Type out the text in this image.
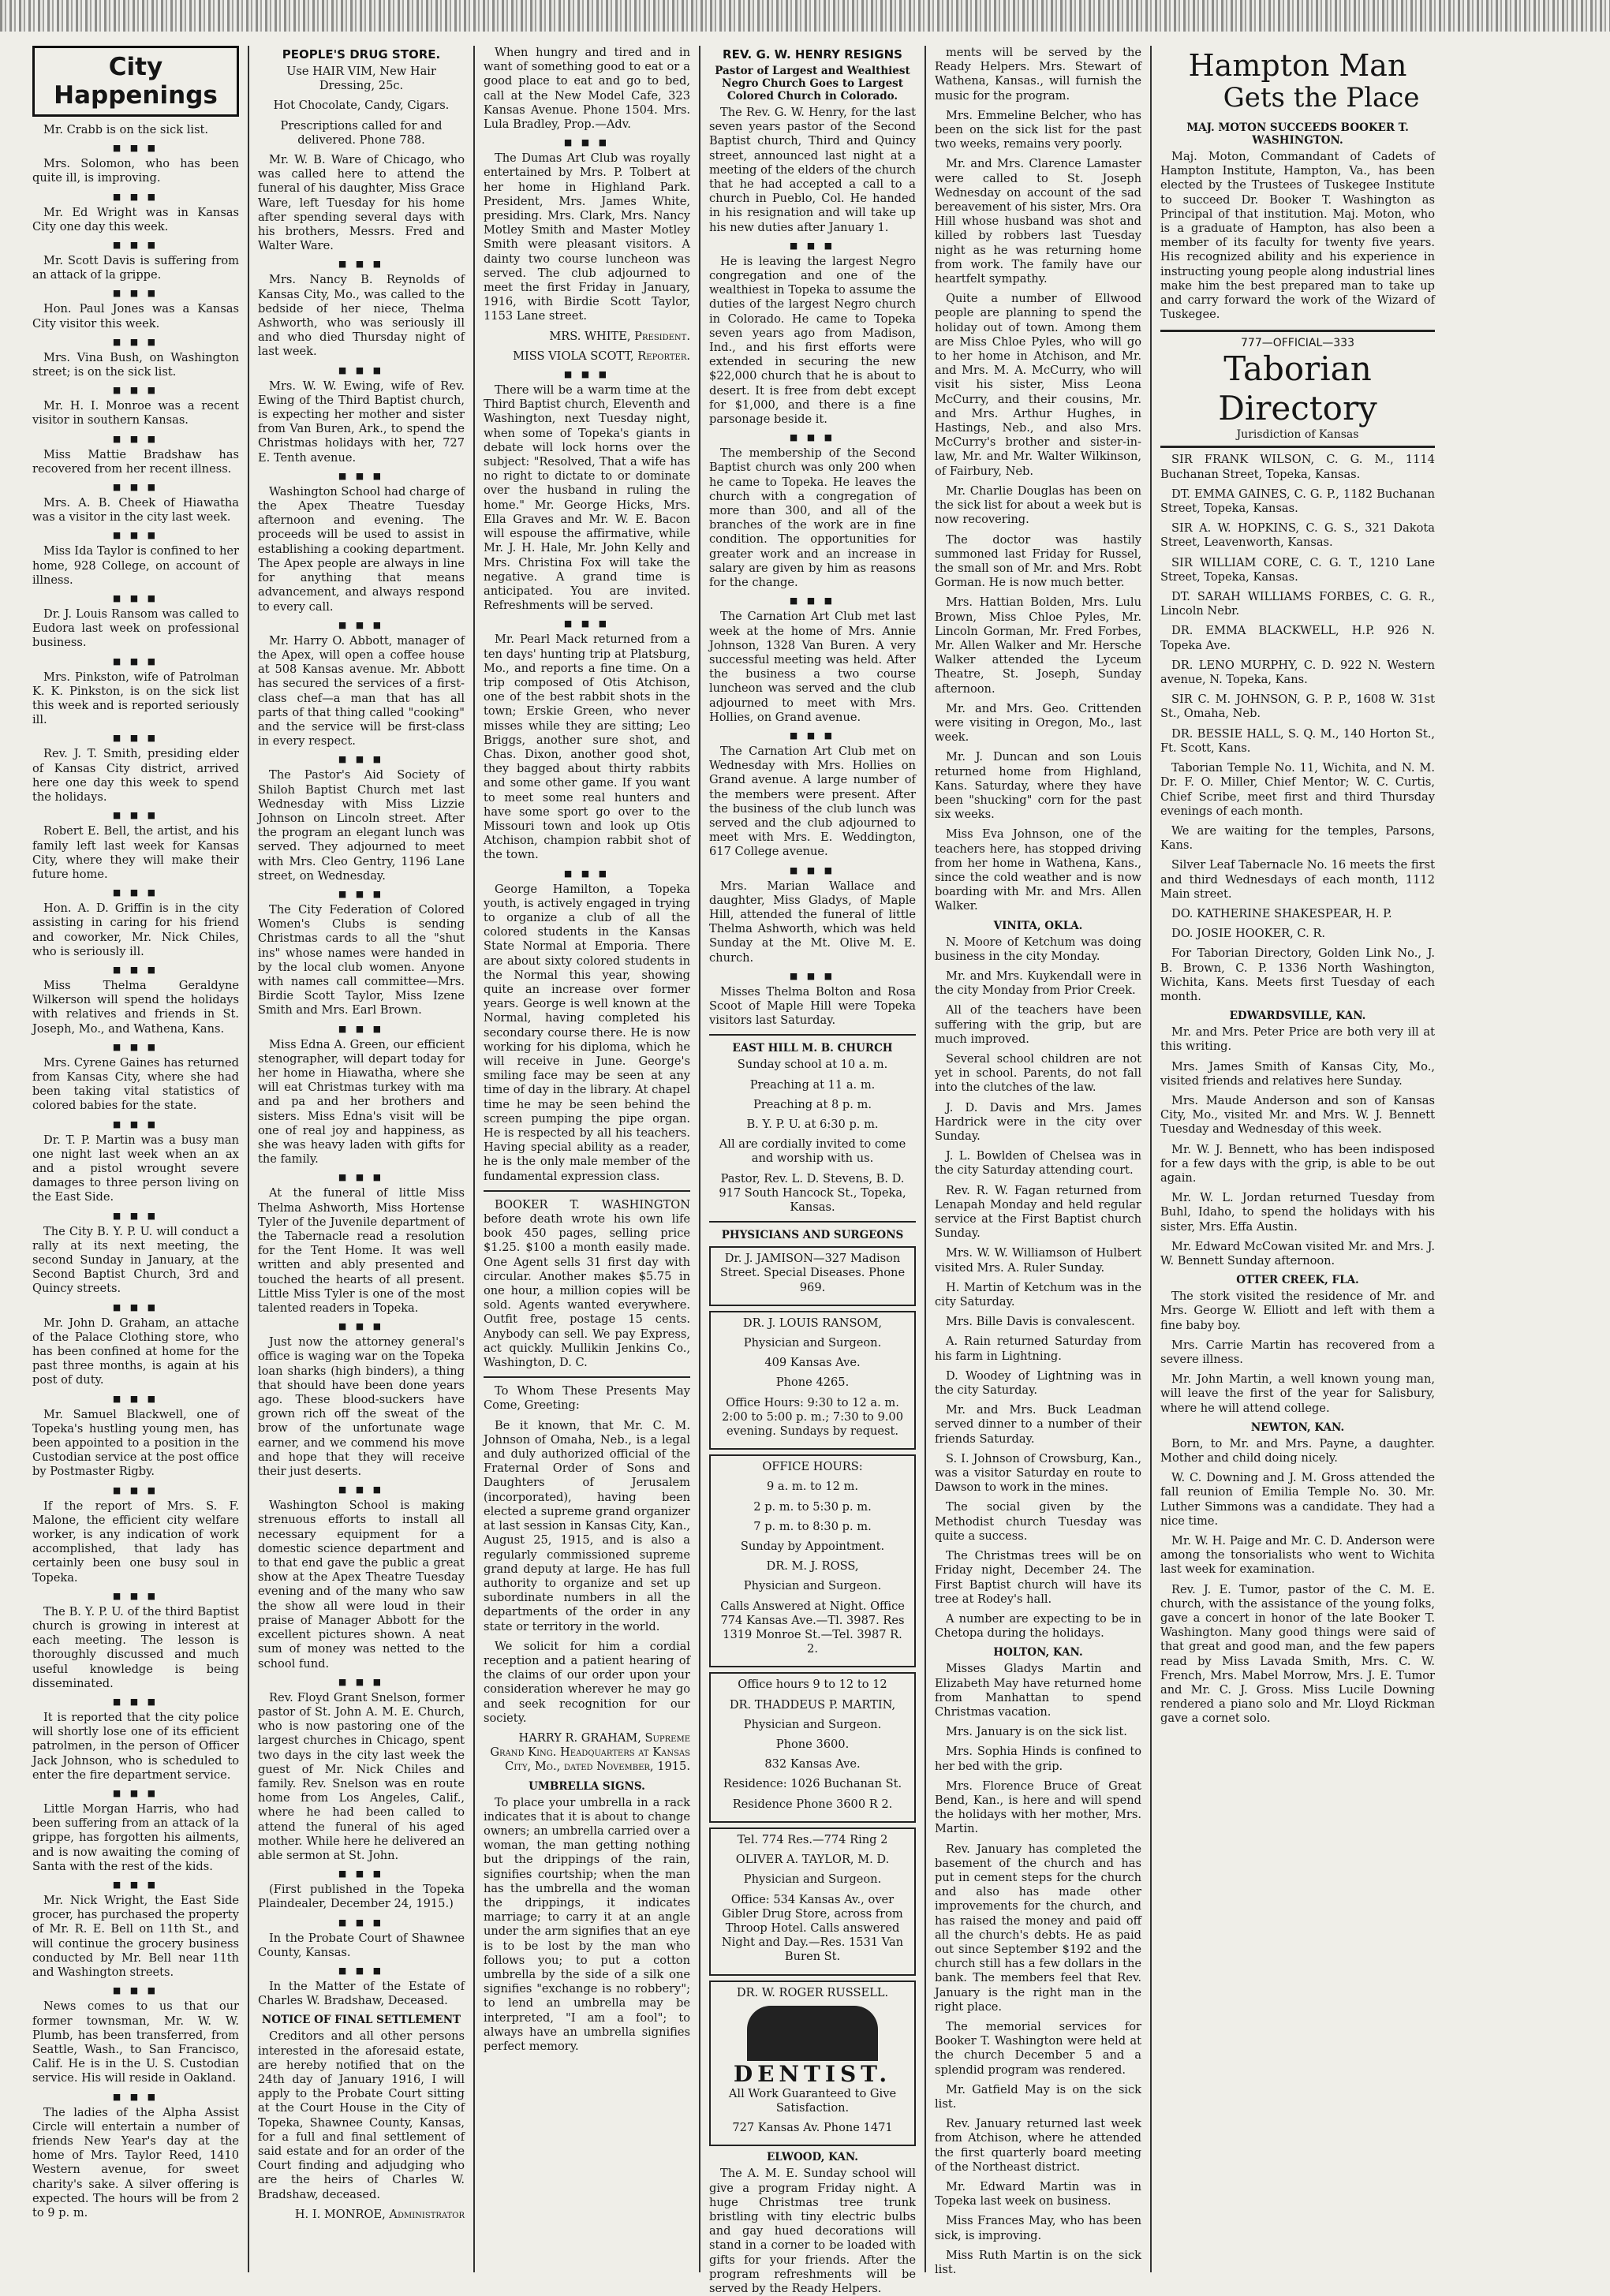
City Happenings

Mr. Crabb is on the sick list.

■ ■ ■

Mrs. Solomon, who has been quite ill, is improving.

■ ■ ■

Mr. Ed Wright was in Kansas City one day this week.

■ ■ ■

Mr. Scott Davis is suffering from an attack of la grippe.

■ ■ ■

Hon. Paul Jones was a Kansas City visitor this week.

■ ■ ■

Mrs. Vina Bush, on Washington street; is on the sick list.

■ ■ ■

Mr. H. I. Monroe was a recent visitor in southern Kansas.

■ ■ ■

Miss Mattie Bradshaw has recovered from her recent illness.

■ ■ ■

Mrs. A. B. Cheek of Hiawatha was a visitor in the city last week.

■ ■ ■

Miss Ida Taylor is confined to her home, 928 College, on account of illness.

■ ■ ■

Dr. J. Louis Ransom was called to Eudora last week on professional business.

■ ■ ■

Mrs. Pinkston, wife of Patrolman K. K. Pinkston, is on the sick list this week and is reported seriously ill.

■ ■ ■

Rev. J. T. Smith, presiding elder of Kansas City district, arrived here one day this week to spend the holidays.

■ ■ ■

Robert E. Bell, the artist, and his family left last week for Kansas City, where they will make their future home.

■ ■ ■

Hon. A. D. Griffin is in the city assisting in caring for his friend and coworker, Mr. Nick Chiles, who is seriously ill.

■ ■ ■

Miss Thelma Geraldyne Wilkerson will spend the holidays with relatives and friends in St. Joseph, Mo., and Wathena, Kans.

■ ■ ■

Mrs. Cyrene Gaines has returned from Kansas City, where she had been taking vital statistics of colored babies for the state.

■ ■ ■

Dr. T. P. Martin was a busy man one night last week when an ax and a pistol wrought severe damages to three person living on the East Side.

■ ■ ■

The City B. Y. P. U. will conduct a rally at its next meeting, the second Sunday in January, at the Second Baptist Church, 3rd and Quincy streets.

■ ■ ■

Mr. John D. Graham, an attache of the Palace Clothing store, who has been confined at home for the past three months, is again at his post of duty.

■ ■ ■

Mr. Samuel Blackwell, one of Topeka's hustling young men, has been appointed to a position in the Custodian service at the post office by Postmaster Rigby.

■ ■ ■

If the report of Mrs. S. F. Malone, the efficient city welfare worker, is any indication of work accomplished, that lady has certainly been one busy soul in Topeka.

■ ■ ■

The B. Y. P. U. of the third Baptist church is growing in interest at each meeting. The lesson is thoroughly discussed and much useful knowledge is being disseminated.

■ ■ ■

It is reported that the city police will shortly lose one of its efficient patrolmen, in the person of Officer Jack Johnson, who is scheduled to enter the fire department service.

■ ■ ■

Little Morgan Harris, who had been suffering from an attack of la grippe, has forgotten his ailments, and is now awaiting the coming of Santa with the rest of the kids.

■ ■ ■

Mr. Nick Wright, the East Side grocer, has purchased the property of Mr. R. E. Bell on 11th St., and will continue the grocery business conducted by Mr. Bell near 11th and Washington streets.

■ ■ ■

News comes to us that our former townsman, Mr. W. W. Plumb, has been transferred, from Seattle, Wash., to San Francisco, Calif. He is in the U. S. Custodian service. His will reside in Oakland.

■ ■ ■

The ladies of the Alpha Assist Circle will entertain a number of friends New Year's day at the home of Mrs. Taylor Reed, 1410 Western avenue, for sweet charity's sake. A silver offering is expected. The hours will be from 2 to 9 p. m.

PEOPLE'S DRUG STORE.

Use HAIR VIM, New Hair Dressing, 25c.

Hot Chocolate, Candy, Cigars.

Prescriptions called for and delivered. Phone 788.

Mr. W. B. Ware of Chicago, who was called here to attend the funeral of his daughter, Miss Grace Ware, left Tuesday for his home after spending several days with his brothers, Messrs. Fred and Walter Ware.

■ ■ ■

Mrs. Nancy B. Reynolds of Kansas City, Mo., was called to the bedside of her niece, Thelma Ashworth, who was seriously ill and who died Thursday night of last week.

■ ■ ■

Mrs. W. W. Ewing, wife of Rev. Ewing of the Third Baptist church, is expecting her mother and sister from Van Buren, Ark., to spend the Christmas holidays with her, 727 E. Tenth avenue.

■ ■ ■

Washington School had charge of the Apex Theatre Tuesday afternoon and evening. The proceeds will be used to assist in establishing a cooking department. The Apex people are always in line for anything that means advancement, and always respond to every call.

■ ■ ■

Mr. Harry O. Abbott, manager of the Apex, will open a coffee house at 508 Kansas avenue. Mr. Abbott has secured the services of a first-class chef—a man that has all parts of that thing called "cooking" and the service will be first-class in every respect.

■ ■ ■

The Pastor's Aid Society of Shiloh Baptist Church met last Wednesday with Miss Lizzie Johnson on Lincoln street. After the program an elegant lunch was served. They adjourned to meet with Mrs. Cleo Gentry, 1196 Lane street, on Wednesday.

■ ■ ■

The City Federation of Colored Women's Clubs is sending Christmas cards to all the "shut ins" whose names were handed in by the local club women. Anyone with names call committee—Mrs. Birdie Scott Taylor, Miss Izene Smith and Mrs. Earl Brown.

■ ■ ■

Miss Edna A. Green, our efficient stenographer, will depart today for her home in Hiawatha, where she will eat Christmas turkey with ma and pa and her brothers and sisters. Miss Edna's visit will be one of real joy and happiness, as she was heavy laden with gifts for the family.

■ ■ ■

At the funeral of little Miss Thelma Ashworth, Miss Hortense Tyler of the Juvenile department of the Tabernacle read a resolution for the Tent Home. It was well written and ably presented and touched the hearts of all present. Little Miss Tyler is one of the most talented readers in Topeka.

■ ■ ■

Just now the attorney general's office is waging war on the Topeka loan sharks (high binders), a thing that should have been done years ago. These blood-suckers have grown rich off the sweat of the brow of the unfortunate wage earner, and we commend his move and hope that they will receive their just deserts.

■ ■ ■

Washington School is making strenuous efforts to install all necessary equipment for a domestic science department and to that end gave the public a great show at the Apex Theatre Tuesday evening and of the many who saw the show all were loud in their praise of Manager Abbott for the excellent pictures shown. A neat sum of money was netted to the school fund.

■ ■ ■

Rev. Floyd Grant Snelson, former pastor of St. John A. M. E. Church, who is now pastoring one of the largest churches in Chicago, spent two days in the city last week the guest of Mr. Nick Chiles and family. Rev. Snelson was en route home from Los Angeles, Calif., where he had been called to attend the funeral of his aged mother. While here he delivered an able sermon at St. John.

■ ■ ■

(First published in the Topeka Plaindealer, December 24, 1915.)

■ ■ ■

In the Probate Court of Shawnee County, Kansas.

■ ■ ■

In the Matter of the Estate of Charles W. Bradshaw, Deceased.

NOTICE OF FINAL SETTLEMENT

Creditors and all other persons interested in the aforesaid estate, are hereby notified that on the 24th day of January 1916, I will apply to the Probate Court sitting at the Court House in the City of Topeka, Shawnee County, Kansas, for a full and final settlement of said estate and for an order of the Court finding and adjudging who are the heirs of Charles W. Bradshaw, deceased.

H. I. MONROE, Administrator

When hungry and tired and in want of something good to eat or a good place to eat and go to bed, call at the New Model Cafe, 323 Kansas Avenue. Phone 1504. Mrs. Lula Bradley, Prop.—Adv.

■ ■ ■

The Dumas Art Club was royally entertained by Mrs. P. Tolbert at her home in Highland Park. President, Mrs. James White, presiding. Mrs. Clark, Mrs. Nancy Motley Smith and Master Motley Smith were pleasant visitors. A dainty two course luncheon was served. The club adjourned to meet the first Friday in January, 1916, with Birdie Scott Taylor, 1153 Lane street.

MRS. WHITE, President.

MISS VIOLA SCOTT, Reporter.

■ ■ ■

There will be a warm time at the Third Baptist church, Eleventh and Washington, next Tuesday night, when some of Topeka's giants in debate will lock horns over the subject: "Resolved, That a wife has no right to dictate to or dominate over the husband in ruling the home." Mr. George Hicks, Mrs. Ella Graves and Mr. W. E. Bacon will espouse the affirmative, while Mr. J. H. Hale, Mr. John Kelly and Mrs. Christina Fox will take the negative. A grand time is anticipated. You are invited. Refreshments will be served.

■ ■ ■

Mr. Pearl Mack returned from a ten days' hunting trip at Platsburg, Mo., and reports a fine time. On a trip composed of Otis Atchison, one of the best rabbit shots in the town; Erskie Green, who never misses while they are sitting; Leo Briggs, another sure shot, and Chas. Dixon, another good shot, they bagged about thirty rabbits and some other game. If you want to meet some real hunters and have some sport go over to the Missouri town and look up Otis Atchison, champion rabbit shot of the town.

■ ■ ■

George Hamilton, a Topeka youth, is actively engaged in trying to organize a club of all the colored students in the Kansas State Normal at Emporia. There are about sixty colored students in the Normal this year, showing quite an increase over former years. George is well known at the Normal, having completed his secondary course there. He is now working for his diploma, which he will receive in June. George's smiling face may be seen at any time of day in the library. At chapel time he may be seen behind the screen pumping the pipe organ. He is respected by all his teachers. Having special ability as a reader, he is the only male member of the fundamental expression class.

BOOKER T. WASHINGTON before death wrote his own life book 450 pages, selling price $1.25. $100 a month easily made. One Agent sells 31 first day with circular. Another makes $5.75 in one hour, a million copies will be sold. Agents wanted everywhere. Outfit free, postage 15 cents. Anybody can sell. We pay Express, act quickly. Mullikin Jenkins Co., Washington, D. C.

To Whom These Presents May Come, Greeting:

Be it known, that Mr. C. M. Johnson of Omaha, Neb., is a legal and duly authorized official of the Fraternal Order of Sons and Daughters of Jerusalem (incorporated), having been elected a supreme grand organizer at last session in Kansas City, Kan., August 25, 1915, and is also a regularly commissioned supreme grand deputy at large. He has full authority to organize and set up subordinate numbers in all the departments of the order in any state or territory in the world.

We solicit for him a cordial reception and a patient hearing of the claims of our order upon your consideration wherever he may go and seek recognition for our society.

HARRY R. GRAHAM, Supreme Grand King. Headquarters at Kansas City, Mo., dated November, 1915.

UMBRELLA SIGNS.

To place your umbrella in a rack indicates that it is about to change owners; an umbrella carried over a woman, the man getting nothing but the drippings of the rain, signifies courtship; when the man has the umbrella and the woman the drippings, it indicates marriage; to carry it at an angle under the arm signifies that an eye is to be lost by the man who follows you; to put a cotton umbrella by the side of a silk one signifies "exchange is no robbery"; to lend an umbrella may be interpreted, "I am a fool"; to always have an umbrella signifies perfect memory.

REV. G. W. HENRY RESIGNS
Pastor of Largest and Wealthiest Negro Church Goes to Largest Colored Church in Colorado.

The Rev. G. W. Henry, for the last seven years pastor of the Second Baptist church, Third and Quincy street, announced last night at a meeting of the elders of the church that he had accepted a call to a church in Pueblo, Col. He handed in his resignation and will take up his new duties after January 1.

■ ■ ■

He is leaving the largest Negro congregation and one of the wealthiest in Topeka to assume the duties of the largest Negro church in Colorado. He came to Topeka seven years ago from Madison, Ind., and his first efforts were extended in securing the new $22,000 church that he is about to desert. It is free from debt except for $1,000, and there is a fine parsonage beside it.

■ ■ ■

The membership of the Second Baptist church was only 200 when he came to Topeka. He leaves the church with a congregation of more than 300, and all of the branches of the work are in fine condition. The opportunities for greater work and an increase in salary are given by him as reasons for the change.

■ ■ ■

The Carnation Art Club met last week at the home of Mrs. Annie Johnson, 1328 Van Buren. A very successful meeting was held. After the business a two course luncheon was served and the club adjourned to meet with Mrs. Hollies, on Grand avenue.

■ ■ ■

The Carnation Art Club met on Wednesday with Mrs. Hollies on Grand avenue. A large number of the members were present. After the business of the club lunch was served and the club adjourned to meet with Mrs. E. Weddington, 617 College avenue.

■ ■ ■

Mrs. Marian Wallace and daughter, Miss Gladys, of Maple Hill, attended the funeral of little Thelma Ashworth, which was held Sunday at the Mt. Olive M. E. church.

■ ■ ■

Misses Thelma Bolton and Rosa Scoot of Maple Hill were Topeka visitors last Saturday.

EAST HILL M. B. CHURCH

Sunday school at 10 a. m.

Preaching at 11 a. m.

Preaching at 8 p. m.

B. Y. P. U. at 6:30 p. m.

All are cordially invited to come and worship with us.

Pastor, Rev. L. D. Stevens, B. D. 917 South Hancock St., Topeka, Kansas.

PHYSICIANS AND SURGEONS

Dr. J. JAMISON—327 Madison Street. Special Diseases. Phone 969.

DR. J. LOUIS RANSOM,

Physician and Surgeon.

409 Kansas Ave.

Phone 4265.

Office Hours: 9:30 to 12 a. m. 2:00 to 5:00 p. m.; 7:30 to 9.00 evening. Sundays by request.

OFFICE HOURS:

9 a. m. to 12 m.

2 p. m. to 5:30 p. m.

7 p. m. to 8:30 p. m.

Sunday by Appointment.

DR. M. J. ROSS,

Physician and Surgeon.

Calls Answered at Night. Office 774 Kansas Ave.—Tl. 3987. Res 1319 Monroe St.—Tel. 3987 R. 2.

Office hours 9 to 12 to 12

DR. THADDEUS P. MARTIN,

Physician and Surgeon.

Phone 3600.

832 Kansas Ave.

Residence: 1026 Buchanan St.

Residence Phone 3600 R 2.

Tel. 774 Res.—774 Ring 2

OLIVER A. TAYLOR, M. D.

Physician and Surgeon.

Office: 534 Kansas Av., over Gibler Drug Store, across from Throop Hotel. Calls answered Night and Day.—Res. 1531 Van Buren St.

DR. W. ROGER RUSSELL.

DENTIST.

All Work Guaranteed to Give Satisfaction.

727 Kansas Av. Phone 1471

ELWOOD, KAN.

The A. M. E. Sunday school will give a program Friday night. A huge Christmas tree trunk bristling with tiny electric bulbs and gay hued decorations will stand in a corner to be loaded with gifts for your friends. After the program refreshments will be served by the Ready Helpers.

ments will be served by the Ready Helpers. Mrs. Stewart of Wathena, Kansas., will furnish the music for the program.

Mrs. Emmeline Belcher, who has been on the sick list for the past two weeks, remains very poorly.

Mr. and Mrs. Clarence Lamaster were called to St. Joseph Wednesday on account of the sad bereavement of his sister, Mrs. Ora Hill whose husband was shot and killed by robbers last Tuesday night as he was returning home from work. The family have our heartfelt sympathy.

Quite a number of Ellwood people are planning to spend the holiday out of town. Among them are Miss Chloe Pyles, who will go to her home in Atchison, and Mr. and Mrs. M. A. McCurry, who will visit his sister, Miss Leona McCurry, and their cousins, Mr. and Mrs. Arthur Hughes, in Hastings, Neb., and also Mrs. McCurry's brother and sister-in-law, Mr. and Mr. Walter Wilkinson, of Fairbury, Neb.

Mr. Charlie Douglas has been on the sick list for about a week but is now recovering.

The doctor was hastily summoned last Friday for Russel, the small son of Mr. and Mrs. Robt Gorman. He is now much better.

Mrs. Hattian Bolden, Mrs. Lulu Brown, Miss Chloe Pyles, Mr. Lincoln Gorman, Mr. Fred Forbes, Mr. Allen Walker and Mr. Hersche Walker attended the Lyceum Theatre, St. Joseph, Sunday afternoon.

Mr. and Mrs. Geo. Crittenden were visiting in Oregon, Mo., last week.

Mr. J. Duncan and son Louis returned home from Highland, Kans. Saturday, where they have been "shucking" corn for the past six weeks.

Miss Eva Johnson, one of the teachers here, has stopped driving from her home in Wathena, Kans., since the cold weather and is now boarding with Mr. and Mrs. Allen Walker.

VINITA, OKLA.

N. Moore of Ketchum was doing business in the city Monday.

Mr. and Mrs. Kuykendall were in the city Monday from Prior Creek.

All of the teachers have been suffering with the grip, but are much improved.

Several school children are not yet in school. Parents, do not fall into the clutches of the law.

J. D. Davis and Mrs. James Hardrick were in the city over Sunday.

J. L. Bowlden of Chelsea was in the city Saturday attending court.

Rev. R. W. Fagan returned from Lenapah Monday and held regular service at the First Baptist church Sunday.

Mrs. W. W. Williamson of Hulbert visited Mrs. A. Ruler Sunday.

H. Martin of Ketchum was in the city Saturday.

Mrs. Bille Davis is convalescent.

A. Rain returned Saturday from his farm in Lightning.

D. Woodey of Lightning was in the city Saturday.

Mr. and Mrs. Buck Leadman served dinner to a number of their friends Saturday.

S. I. Johnson of Crowsburg, Kan., was a visitor Saturday en route to Dawson to work in the mines.

The social given by the Methodist church Tuesday was quite a success.

The Christmas trees will be on Friday night, December 24. The First Baptist church will have its tree at Rodey's hall.

A number are expecting to be in Chetopa during the holidays.

HOLTON, KAN.

Misses Gladys Martin and Elizabeth May have returned home from Manhattan to spend Christmas vacation.

Mrs. January is on the sick list.

Mrs. Sophia Hinds is confined to her bed with the grip.

Mrs. Florence Bruce of Great Bend, Kan., is here and will spend the holidays with her mother, Mrs. Martin.

Rev. January has completed the basement of the church and has put in cement steps for the church and also has made other improvements for the church, and has raised the money and paid off all the church's debts. He as paid out since September $192 and the church still has a few dollars in the bank. The members feel that Rev. January is the right man in the right place.

The memorial services for Booker T. Washington were held at the church December 5 and a splendid program was rendered.

Mr. Gatfield May is on the sick list.

Rev. January returned last week from Atchison, where he attended the first quarterly board meeting of the Northeast district.

Mr. Edward Martin was in Topeka last week on business.

Miss Frances May, who has been sick, is improving.

Miss Ruth Martin is on the sick list.

Hampton Man
Gets the Place
MAJ. MOTON SUCCEEDS BOOKER T. WASHINGTON.

Maj. Moton, Commandant of Cadets of Hampton Institute, Hampton, Va., has been elected by the Trustees of Tuskegee Institute to succeed Dr. Booker T. Washington as Principal of that institution. Maj. Moton, who is a graduate of Hampton, has also been a member of its faculty for twenty five years. His recognized ability and his experience in instructing young people along industrial lines make him the best prepared man to take up and carry forward the work of the Wizard of Tuskegee.

777—OFFICIAL—333
Taborian Directory
Jurisdiction of Kansas

SIR FRANK WILSON, C. G. M., 1114 Buchanan Street, Topeka, Kansas.

DT. EMMA GAINES, C. G. P., 1182 Buchanan Street, Topeka, Kansas.

SIR A. W. HOPKINS, C. G. S., 321 Dakota Street, Leavenworth, Kansas.

SIR WILLIAM CORE, C. G. T., 1210 Lane Street, Topeka, Kansas.

DT. SARAH WILLIAMS FORBES, C. G. R., Lincoln Nebr.

DR. EMMA BLACKWELL, H.P. 926 N. Topeka Ave.

DR. LENO MURPHY, C. D. 922 N. Western avenue, N. Topeka, Kans.

SIR C. M. JOHNSON, G. P. P., 1608 W. 31st St., Omaha, Neb.

DR. BESSIE HALL, S. Q. M., 140 Horton St., Ft. Scott, Kans.

Taborian Temple No. 11, Wichita, and N. M. Dr. F. O. Miller, Chief Mentor; W. C. Curtis, Chief Scribe, meet first and third Thursday evenings of each month.

We are waiting for the temples, Parsons, Kans.

Silver Leaf Tabernacle No. 16 meets the first and third Wednesdays of each month, 1112 Main street.

DO. KATHERINE SHAKESPEAR, H. P.

DO. JOSIE HOOKER, C. R.

For Taborian Directory, Golden Link No., J. B. Brown, C. P. 1336 North Washington, Wichita, Kans. Meets first Tuesday of each month.

EDWARDSVILLE, KAN.

Mr. and Mrs. Peter Price are both very ill at this writing.

Mrs. James Smith of Kansas City, Mo., visited friends and relatives here Sunday.

Mrs. Maude Anderson and son of Kansas City, Mo., visited Mr. and Mrs. W. J. Bennett Tuesday and Wednesday of this week.

Mr. W. J. Bennett, who has been indisposed for a few days with the grip, is able to be out again.

Mr. W. L. Jordan returned Tuesday from Buhl, Idaho, to spend the holidays with his sister, Mrs. Effa Austin.

Mr. Edward McCowan visited Mr. and Mrs. J. W. Bennett Sunday afternoon.

OTTER CREEK, FLA.

The stork visited the residence of Mr. and Mrs. George W. Elliott and left with them a fine baby boy.

Mrs. Carrie Martin has recovered from a severe illness.

Mr. John Martin, a well known young man, will leave the first of the year for Salisbury, where he will attend college.

NEWTON, KAN.

Born, to Mr. and Mrs. Payne, a daughter. Mother and child doing nicely.

W. C. Downing and J. M. Gross attended the fall reunion of Emilia Temple No. 30. Mr. Luther Simmons was a candidate. They had a nice time.

Mr. W. H. Paige and Mr. C. D. Anderson were among the tonsorialists who went to Wichita last week for examination.

Rev. J. E. Tumor, pastor of the C. M. E. church, with the assistance of the young folks, gave a concert in honor of the late Booker T. Washington. Many good things were said of that great and good man, and the few papers read by Miss Lavada Smith, Mrs. C. W. French, Mrs. Mabel Morrow, Mrs. J. E. Tumor and Mr. C. J. Gross. Miss Lucile Downing rendered a piano solo and Mr. Lloyd Rickman gave a cornet solo.
